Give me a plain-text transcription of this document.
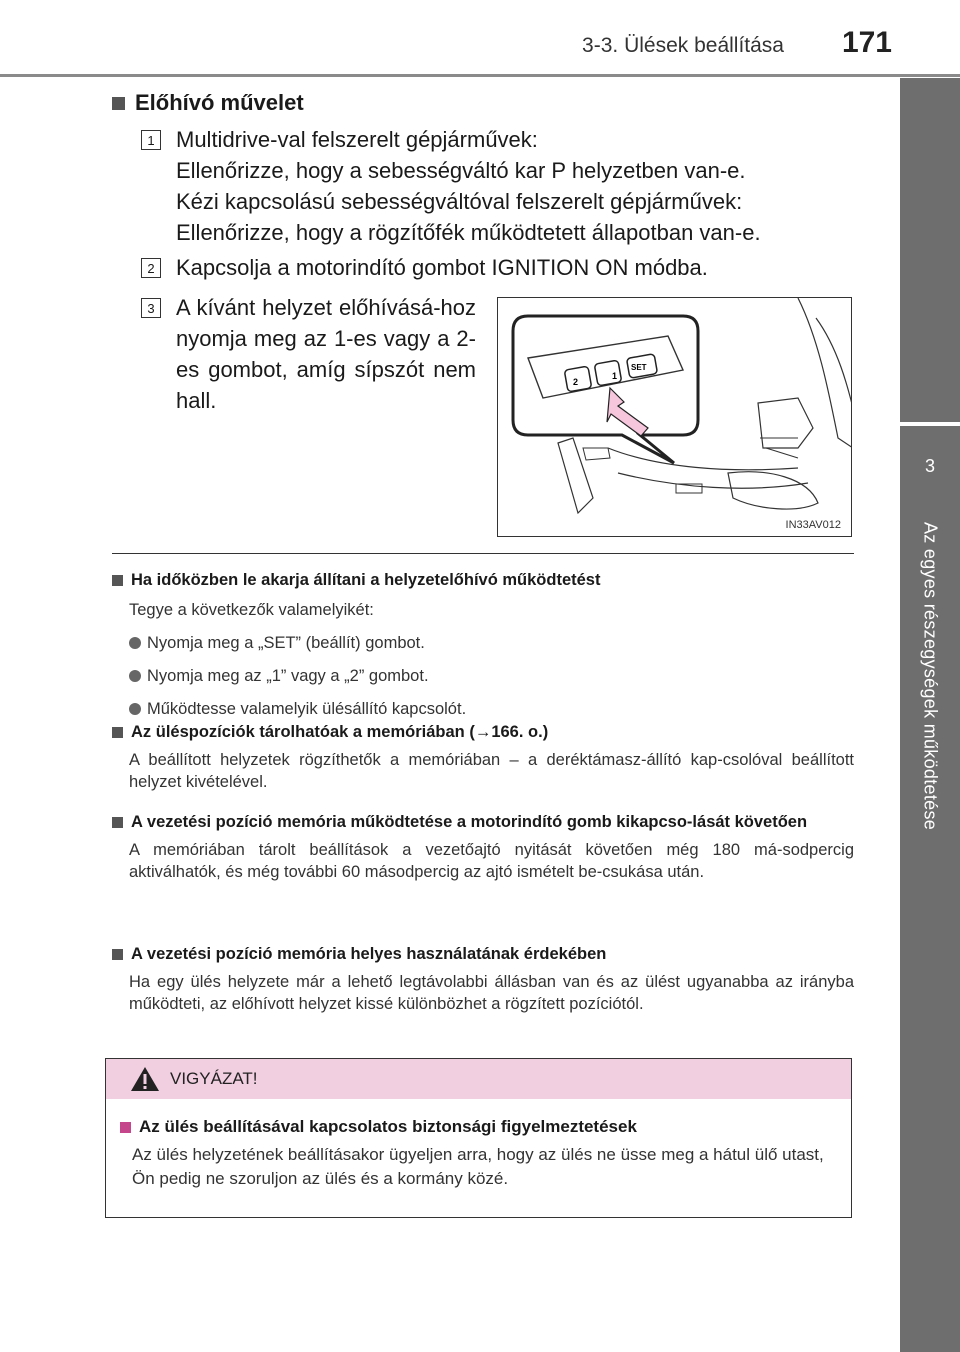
3-3. Ülések beállítása 171
3
Az egyes részegységek működtetése
Előhívó művelet
1 Multidrive-val felszerelt gépjárművek:
Ellenőrizze, hogy a sebességváltó kar P helyzetben van-e.
Kézi kapcsolású sebességváltóval felszerelt gépjárművek:
Ellenőrizze, hogy a rögzítőfék működtetett állapotban van-e.
2 Kapcsolja a motorindító gombot IGNITION ON módba.
3 A kívánt helyzet előhívásá-hoz nyomja meg az 1-es vagy a 2-es gombot, amíg sípszót nem hall.
2
1
SET
IN33AV012
Ha időközben le akarja állítani a helyzetelőhívó működtetést
Tegye a következők valamelyikét:
Nyomja meg a „SET” (beállít) gombot.
Nyomja meg az „1” vagy a „2” gombot.
Működtesse valamelyik ülésállító kapcsolót.
Az üléspozíciók tárolhatóak a memóriában (→166. o.)
A beállított helyzetek rögzíthetők a memóriában – a deréktámasz-állító kap-csolóval beállított helyzet kivételével.
A vezetési pozíció memória működtetése a motorindító gomb kikapcso-lását követően
A memóriában tárolt beállítások a vezetőajtó nyitását követően még 180 má-sodpercig aktiválhatók, és még további 60 másodpercig az ajtó ismételt be-csukása után.
A vezetési pozíció memória helyes használatának érdekében
Ha egy ülés helyzete már a lehető legtávolabbi állásban van és az ülést ugyanabba az irányba működteti, az előhívott helyzet kissé különbözhet a rögzített pozíciótól.
VIGYÁZAT!
Az ülés beállításával kapcsolatos biztonsági figyelmeztetések
Az ülés helyzetének beállításakor ügyeljen arra, hogy az ülés ne üsse meg a hátul ülő utast, Ön pedig ne szoruljon az ülés és a kormány közé.
